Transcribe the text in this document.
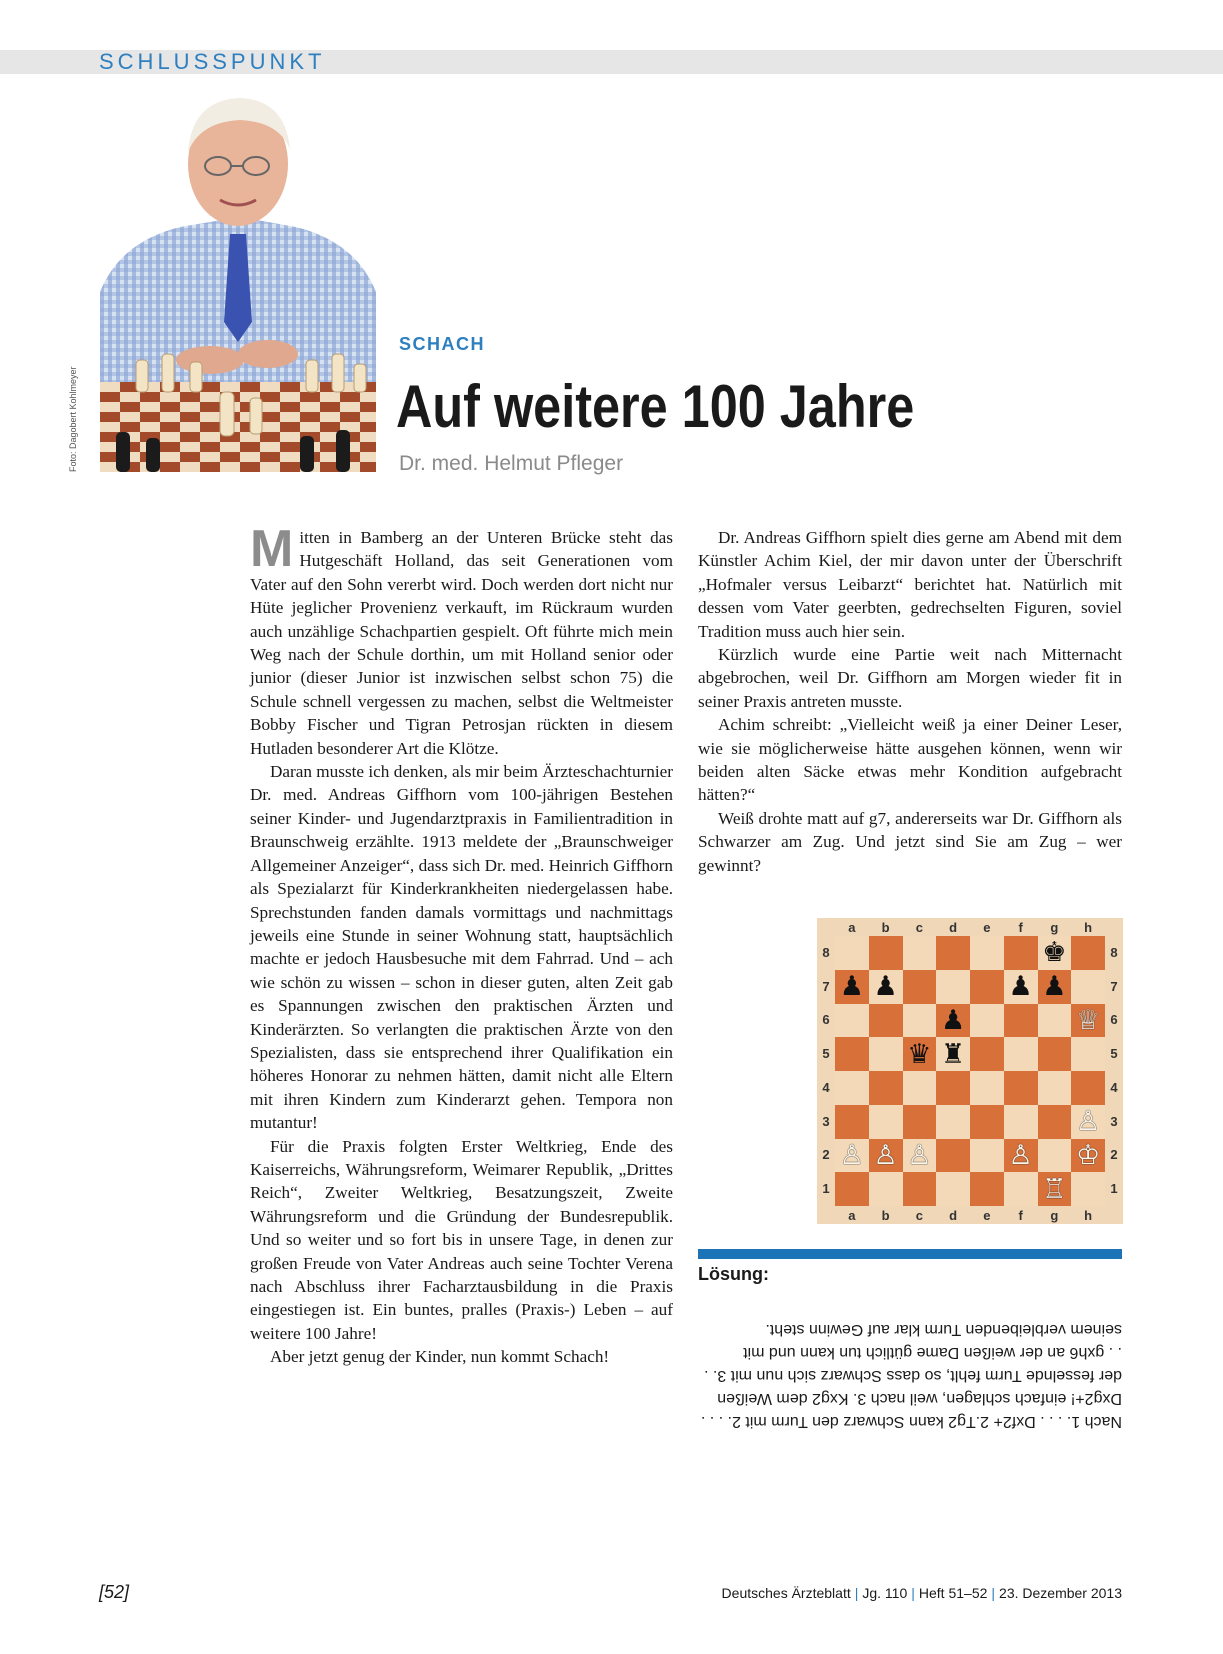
SCHLUSSPUNKT
Foto: Dagobert Kohlmeyer
SCHACH
Auf weitere 100 Jahre
Dr. med. Helmut Pfleger

Mitten in Bamberg an der Unteren Brücke steht das Hutgeschäft Holland, das seit Generationen vom Vater auf den Sohn vererbt wird. Doch werden dort nicht nur Hüte jeglicher Provenienz verkauft, im Rückraum wurden auch unzählige Schachpartien gespielt. Oft führte mich mein Weg nach der Schule dorthin, um mit Holland senior oder junior (dieser Junior ist inzwischen selbst schon 75) die Schule schnell vergessen zu machen, selbst die Weltmeister Bobby Fischer und Tigran Petrosjan rückten in diesem Hutladen besonderer Art die Klötze.

Daran musste ich denken, als mir beim Ärzteschachturnier Dr. med. Andreas Giffhorn vom 100-jährigen Bestehen seiner Kinder- und Jugendarztpraxis in Familientradition in Braunschweig erzählte. 1913 meldete der „Braunschweiger Allgemeiner Anzeiger“, dass sich Dr. med. Heinrich Giffhorn als Spezialarzt für Kinderkrankheiten niedergelassen habe. Sprechstunden fanden damals vormittags und nachmittags jeweils eine Stunde in seiner Wohnung statt, hauptsächlich machte er jedoch Hausbesuche mit dem Fahrrad. Und – ach wie schön zu wissen – schon in dieser guten, alten Zeit gab es Spannungen zwischen den praktischen Ärzten und Kinderärzten. So verlangten die praktischen Ärzte von den Spezialisten, dass sie entsprechend ihrer Qualifikation ein höheres Honorar zu nehmen hätten, damit nicht alle Eltern mit ihren Kindern zum Kinderarzt gehen. Tempora non mutantur!

Für die Praxis folgten Erster Weltkrieg, Ende des Kaiserreichs, Währungsreform, Weimarer Republik, „Drittes Reich“, Zweiter Weltkrieg, Besatzungszeit, Zweite Währungsreform und die Gründung der Bundesrepublik. Und so weiter und so fort bis in unsere Tage, in denen zur großen Freude von Vater Andreas auch seine Tochter Verena nach Abschluss ihrer Facharztausbildung in die Praxis eingestiegen ist. Ein buntes, pralles (Praxis-) Leben – auf weitere 100 Jahre!

Aber jetzt genug der Kinder, nun kommt Schach!

Dr. Andreas Giffhorn spielt dies gerne am Abend mit dem Künstler Achim Kiel, der mir davon unter der Überschrift „Hofmaler versus Leibarzt“ berichtet hat. Natürlich mit dessen vom Vater geerbten, gedrechselten Figuren, soviel Tradition muss auch hier sein.

Kürzlich wurde eine Partie weit nach Mitternacht abgebrochen, weil Dr. Giffhorn am Morgen wieder fit in seiner Praxis antreten musste.

Achim schreibt: „Vielleicht weiß ja einer Deiner Leser, wie sie möglicherweise hätte ausgehen können, wenn wir beiden alten Säcke etwas mehr Kondition aufgebracht hätten?“

Weiß drohte matt auf g7, andererseits war Dr. Giffhorn als Schwarzer am Zug. Und jetzt sind Sie am Zug – wer gewinnt?

♚
♟ ♟	♟ ♟
♟	♕
♛ ♜
♙
♙ ♙ ♙	♙ ♔
♖
a
a
b
b
c
c
d
d
e
e
f
f
g
g
h
h
8	8
7	7
6	6
5	5
4	4
3	3
2	2
1	1
Lösung:
Nach 1. . . . Dxf2+ 2.Tg2 kann Schwarz den Turm mit 2. . . . Dxg2+! einfach schlagen, weil nach 3. Kxg2 dem Weißen der fesselnde Turm fehlt, so dass Schwarz sich nun mit 3. . . . gxh6 an der weißen Dame gütlich tun kann und mit seinem verbleibenden Turm klar auf Gewinn steht.
[52]	Deutsches Ärzteblatt | Jg. 110 | Heft 51–52 | 23. Dezember 2013
